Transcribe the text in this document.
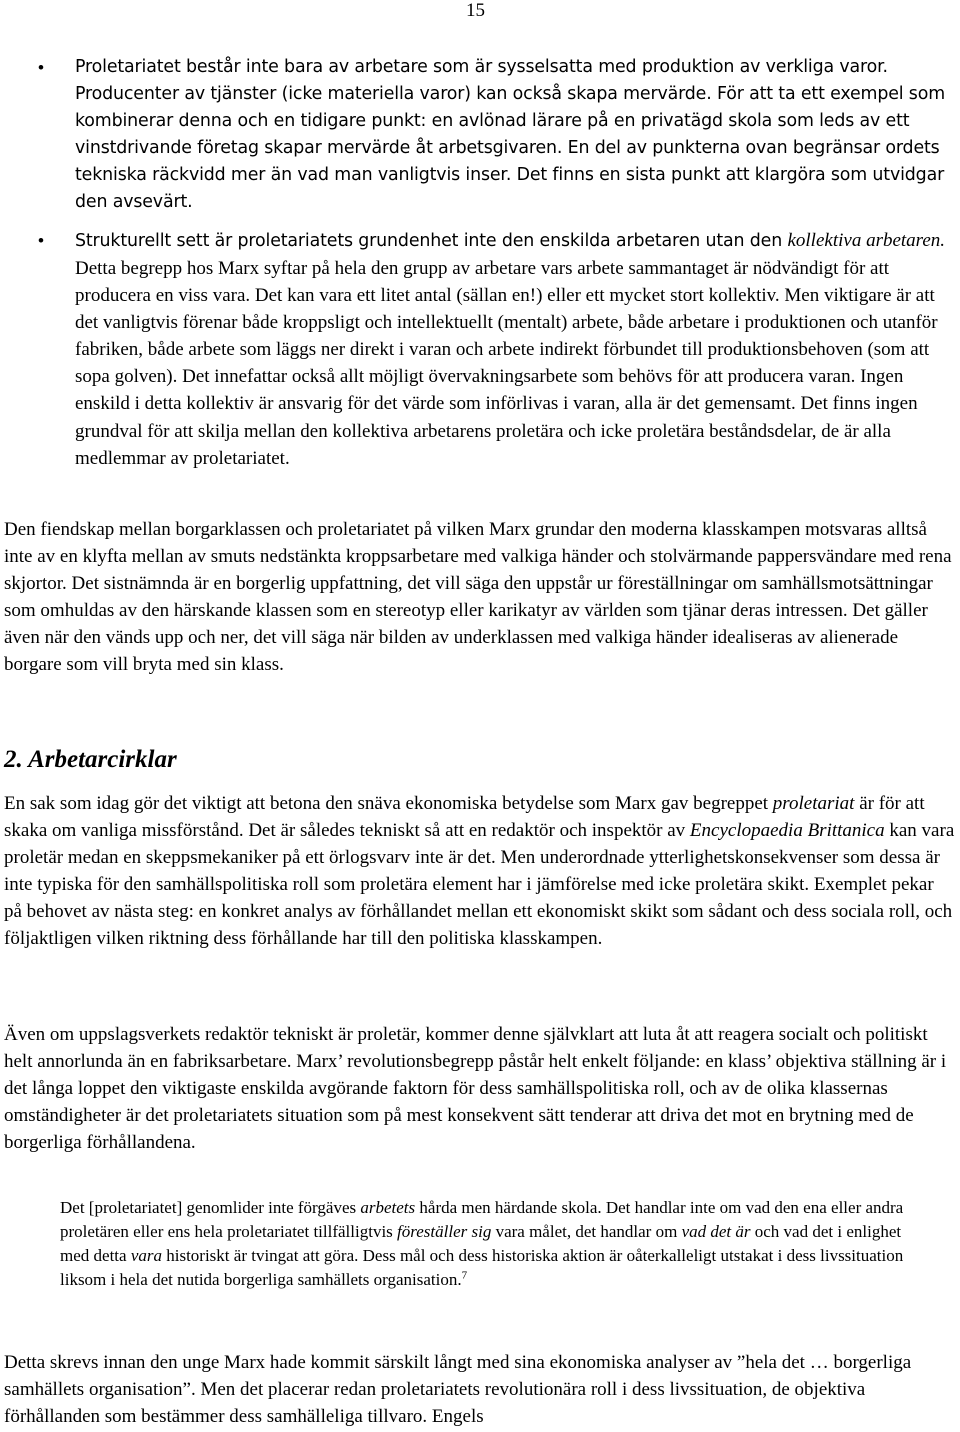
15
• Proletariatet består inte bara av arbetare som är sysselsatta med produktion av verkliga varor. Producenter av tjänster (icke materiella varor) kan också skapa mervärde. För att ta ett exempel som kombinerar denna och en tidigare punkt: en avlönad lärare på en privatägd skola som leds av ett vinstdrivande företag skapar mervärde åt arbetsgivaren. En del av punkterna ovan begränsar ordets tekniska räckvidd mer än vad man vanligtvis inser. Det finns en sista punkt att klargöra som utvidgar den avsevärt.

• Strukturellt sett är proletariatets grundenhet inte den enskilda arbetaren utan den kollektiva arbetaren. Detta begrepp hos Marx syftar på hela den grupp av arbetare vars arbete sammantaget är nödvändigt för att producera en viss vara. Det kan vara ett litet antal (sällan en!) eller ett mycket stort kollektiv. Men viktigare är att det vanligtvis förenar både kroppsligt och intellektuellt (mentalt) arbete, både arbetare i produktionen och utanför fabriken, både arbete som läggs ner direkt i varan och arbete indirekt förbundet till produktionsbehoven (som att sopa golven). Det innefattar också allt möjligt övervakningsarbete som behövs för att producera varan. Ingen enskild i detta kollektiv är ansvarig för det värde som införlivas i varan, alla är det gemensamt. Det finns ingen grundval för att skilja mellan den kollektiva arbetarens proletära och icke proletära beståndsdelar, de är alla medlemmar av proletariatet.

Den fiendskap mellan borgarklassen och proletariatet på vilken Marx grundar den moderna klasskampen motsvaras alltså inte av en klyfta mellan av smuts nedstänkta kroppsarbetare med valkiga händer och stolvärmande pappersvändare med rena skjortor. Det sistnämnda är en borgerlig uppfattning, det vill säga den uppstår ur föreställningar om samhällsmotsättningar som omhuldas av den härskande klassen som en stereotyp eller karikatyr av världen som tjänar deras intressen. Det gäller även när den vänds upp och ner, det vill säga när bilden av underklassen med valkiga händer idealiseras av alienerade borgare som vill bryta med sin klass.

2. Arbetarcirklar

En sak som idag gör det viktigt att betona den snäva ekonomiska betydelse som Marx gav begreppet proletariat är för att skaka om vanliga missförstånd. Det är således tekniskt så att en redaktör och inspektör av Encyclopaedia Brittanica kan vara proletär medan en skeppsmekaniker på ett örlogsvarv inte är det. Men underordnade ytterlighetskonsekvenser som dessa är inte typiska för den samhällspolitiska roll som proletära element har i jämförelse med icke proletära skikt. Exemplet pekar på behovet av nästa steg: en konkret analys av förhållandet mellan ett ekonomiskt skikt som sådant och dess sociala roll, och följaktligen vilken riktning dess förhållande har till den politiska klasskampen.

Även om uppslagsverkets redaktör tekniskt är proletär, kommer denne självklart att luta åt att reagera socialt och politiskt helt annorlunda än en fabriksarbetare. Marx’ revolutionsbegrepp påstår helt enkelt följande: en klass’ objektiva ställning är i det långa loppet den viktigaste enskilda avgörande faktorn för dess samhällspolitiska roll, och av de olika klassernas omständigheter är det proletariatets situation som på mest konsekvent sätt tenderar att driva det mot en brytning med de borgerliga förhållandena.

Det [proletariatet] genomlider inte förgäves arbetets hårda men härdande skola. Det handlar inte om vad den ena eller andra proletären eller ens hela proletariatet tillfälligtvis föreställer sig vara målet, det handlar om vad det är och vad det i enlighet med detta vara historiskt är tvingat att göra. Dess mål och dess historiska aktion är oåterkalleligt utstakat i dess livssituation liksom i hela det nutida borgerliga samhällets organisation.$^7$

Detta skrevs innan den unge Marx hade kommit särskilt långt med sina ekonomiska analyser av ”hela det … borgerliga samhällets organisation”. Men det placerar redan proletariatets revolutionära roll i dess livssituation, de objektiva förhållanden som bestämmer dess samhälleliga tillvaro. Engels
